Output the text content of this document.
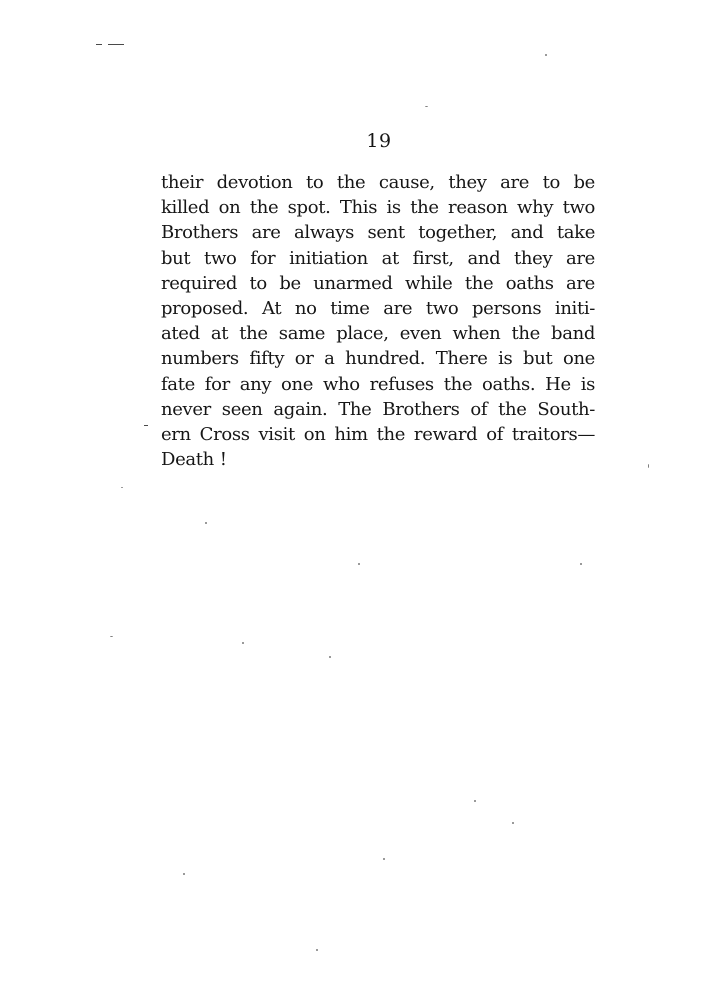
19
their devotion to the cause, they are to be
killed on the spot. This is the reason why two
Brothers are always sent together, and take
but two for initiation at first, and they are
required to be unarmed while the oaths are
proposed. At no time are two persons initi-
ated at the same place, even when the band
numbers fifty or a hundred. There is but one
fate for any one who refuses the oaths. He is
never seen again. The Brothers of the South-
ern Cross visit on him the reward of traitors—
Death !
